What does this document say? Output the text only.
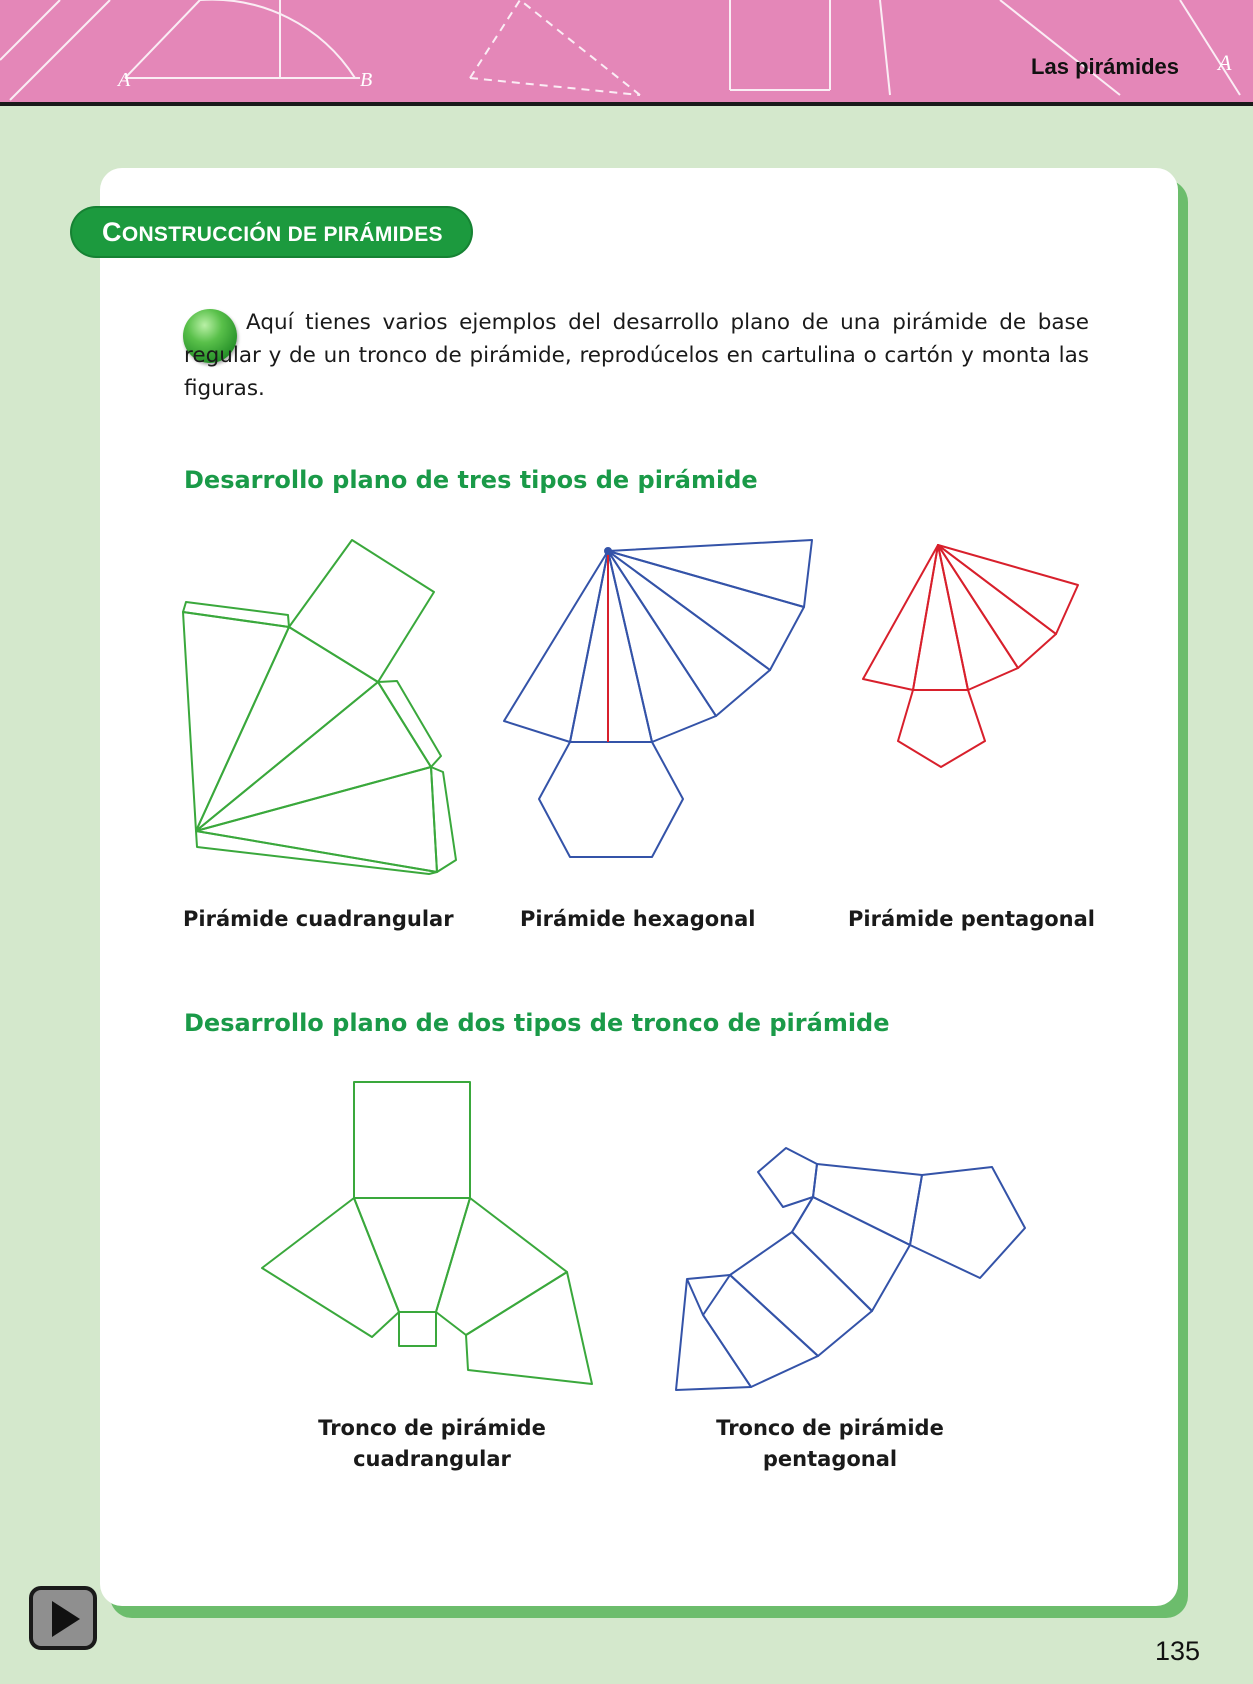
A	B
A
Las pirámides
CONSTRUCCIÓN DE PIRÁMIDES
Aquí tienes varios ejemplos del desarrollo plano de una pirámide de base regular y de un tronco de pirámide, reprodúcelos en cartulina o cartón y monta las figuras.
Desarrollo plano de tres tipos de pirámide
Pirámide cuadrangular	Pirámide hexagonal	Pirámide pentagonal
Desarrollo plano de dos tipos de tronco de pirámide
Tronco de pirámide
cuadrangular
Tronco de pirámide
pentagonal
135
